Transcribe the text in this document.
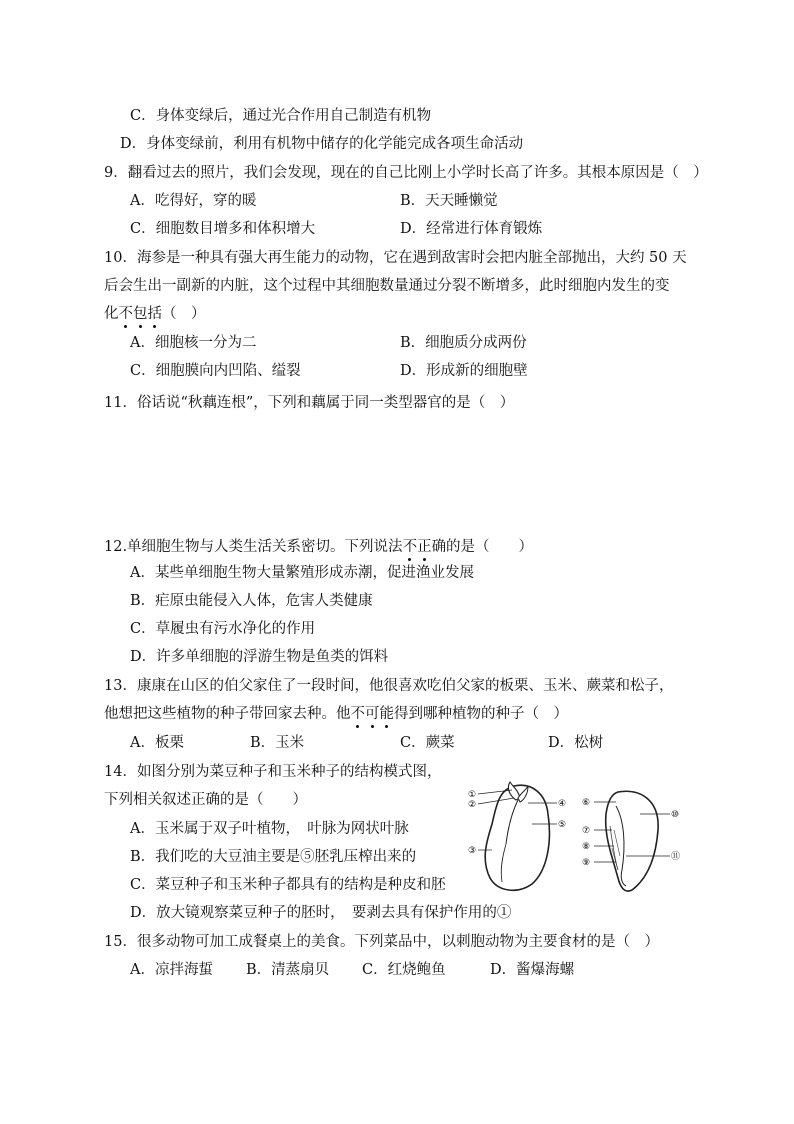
C．身体变绿后，通过光合作用自己制造有机物
D．身体变绿前，利用有机物中储存的化学能完成各项生命活动
9．翻看过去的照片，我们会发现，现在的自己比刚上小学时长高了许多。其根本原因是（　）
A．吃得好，穿的暖	B．天天睡懒觉
C．细胞数目增多和体积增大	D．经常进行体育锻炼
10．海参是一种具有强大再生能力的动物，它在遇到敌害时会把内脏全部抛出，大约 50 天
后会生出一副新的内脏，这个过程中其细胞数量通过分裂不断增多，此时细胞内发生的变
化不包括（　）
A．细胞核一分为二	B．细胞质分成两份
C．细胞膜向内凹陷、缢裂	D．形成新的细胞壁
11．俗话说“秋藕连根”，下列和藕属于同一类型器官的是（　）
12.单细胞生物与人类生活关系密切。下列说法不正确的是（　　）
A．某些单细胞生物大量繁殖形成赤潮，促进渔业发展
B．疟原虫能侵入人体，危害人类健康
C．草履虫有污水净化的作用
D．许多单细胞的浮游生物是鱼类的饵料
13．康康在山区的伯父家住了一段时间，他很喜欢吃伯父家的板栗、玉米、蕨菜和松子，
他想把这些植物的种子带回家去种。他不可能得到哪种植物的种子（　）
A．板栗	B．玉米	C．蕨菜	D．松树
14．如图分别为菜豆种子和玉米种子的结构模式图，
下列相关叙述正确的是（　　）
A．玉米属于双子叶植物，　叶脉为网状叶脉
B．我们吃的大豆油主要是⑤胚乳压榨出来的
C．菜豆种子和玉米种子都具有的结构是种皮和胚
D．放大镜观察菜豆种子的胚时，　要剥去具有保护作用的①
①
②
③
④
⑤
⑥
⑦
⑧
⑨
⑩
⑪
15．很多动物可加工成餐桌上的美食。下列菜品中，以刺胞动物为主要食材的是（　）
A．凉拌海蜇 B．清蒸扇贝 C．红烧鲍鱼	D．酱爆海螺
